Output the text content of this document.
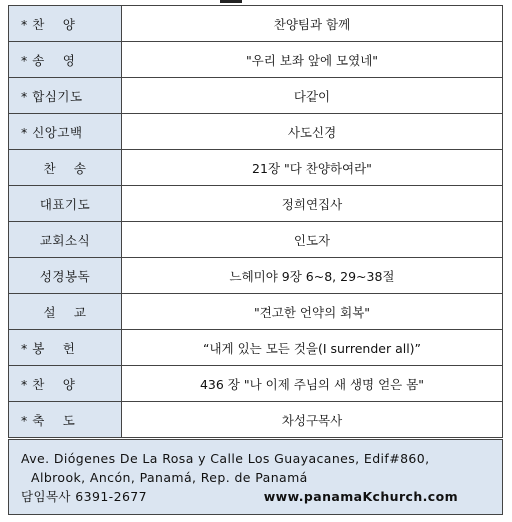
* 찬    양	찬양팀과 함께
* 송    영	"우리 보좌 앞에 모였네"
* 합심기도	다같이
* 신앙고백	사도신경
찬    송	21장 "다 찬양하여라"
대표기도	정희연집사
교회소식	인도자
성경봉독	느헤미야 9장 6~8, 29~38절
설    교	"견고한 언약의 회복"
* 봉    헌	“내게 있는 모든 것을(I surrender all)”
* 찬    양	436 장 "나 이제 주님의 새 생명 얻은 몸"
* 축    도	차성구목사
Ave. Diógenes De La Rosa y Calle Los Guayacanes, Edif#860,
Albrook, Ancón, Panamá, Rep. de Panamá
담임목사 6391-2677	www.panamaKchurch.com
